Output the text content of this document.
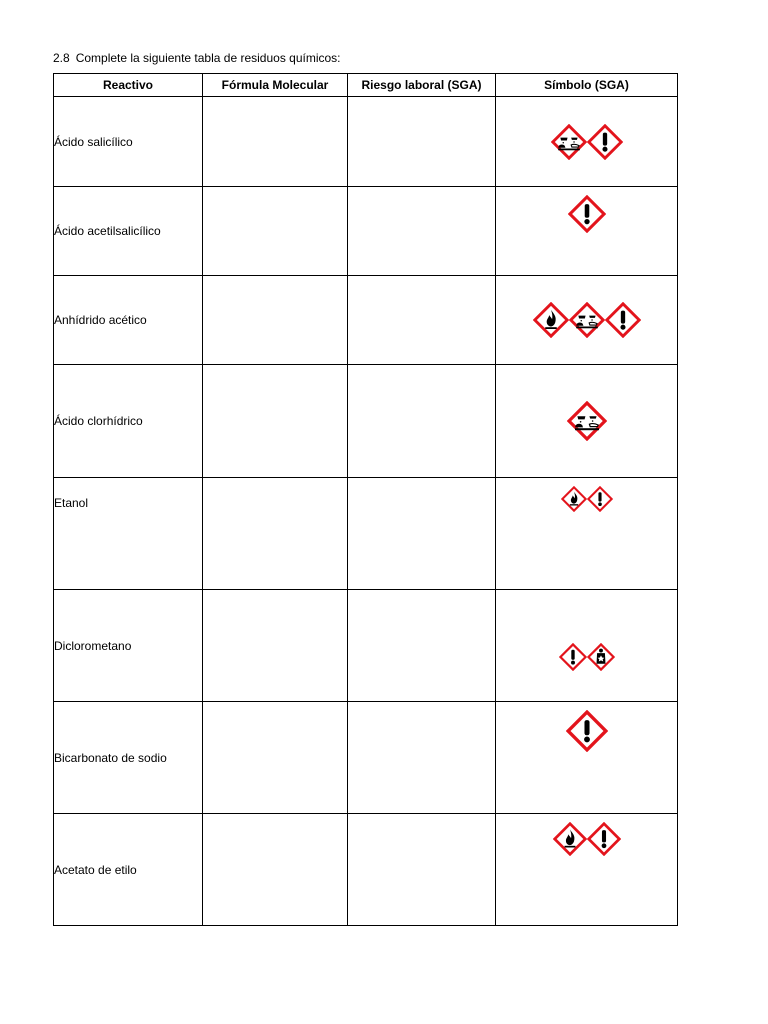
2.8 Complete la siguiente tabla de residuos químicos:
Reactivo	Fórmula Molecular	Riesgo laboral (SGA)	Símbolo (SGA)
Ácido salicílico			

Ácido acetilsalicílico			

Anhídrido acético			

Ácido clorhídrico			

Etanol			

Diclorometano			

Bicarbonato de sodio			

Acetato de etilo			
